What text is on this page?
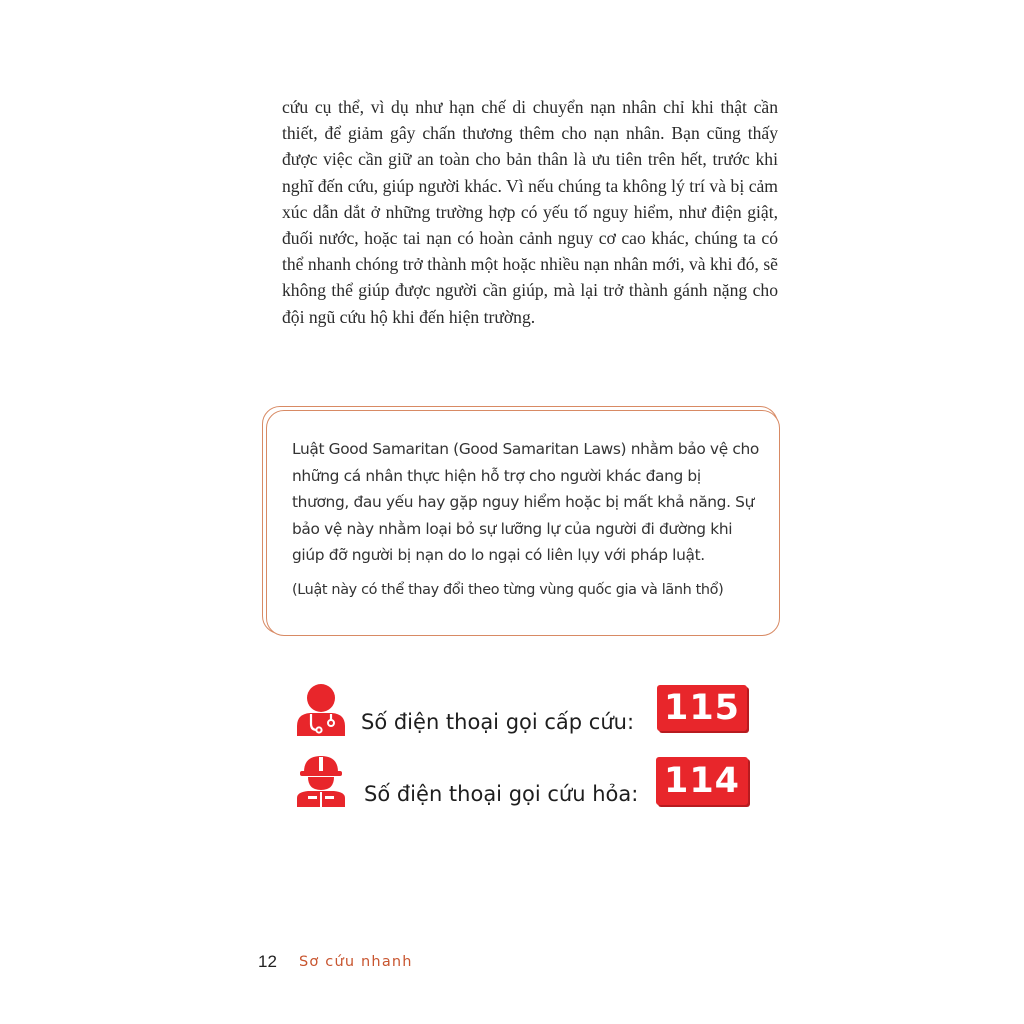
cứu cụ thể, vì dụ như hạn chế di chuyển nạn nhân chỉ khi thật cần thiết, để giảm gây chấn thương thêm cho nạn nhân. Bạn cũng thấy được việc cần giữ an toàn cho bản thân là ưu tiên trên hết, trước khi nghĩ đến cứu, giúp người khác. Vì nếu chúng ta không lý trí và bị cảm xúc dẫn dắt ở những trường hợp có yếu tố nguy hiểm, như điện giật, đuối nước, hoặc tai nạn có hoàn cảnh nguy cơ cao khác, chúng ta có thể nhanh chóng trở thành một hoặc nhiều nạn nhân mới, và khi đó, sẽ không thể giúp được người cần giúp, mà lại trở thành gánh nặng cho đội ngũ cứu hộ khi đến hiện trường.

Luật Good Samaritan (Good Samaritan Laws) nhằm bảo vệ cho những cá nhân thực hiện hỗ trợ cho người khác đang bị thương, đau yếu hay gặp nguy hiểm hoặc bị mất khả năng. Sự bảo vệ này nhằm loại bỏ sự lưỡng lự của người đi đường khi giúp đỡ người bị nạn do lo ngại có liên lụy với pháp luật.

(Luật này có thể thay đổi theo từng vùng quốc gia và lãnh thổ)

Số điện thoại gọi cấp cứu: 115
Số điện thoại gọi cứu hỏa: 114
12 Sơ cứu nhanh
